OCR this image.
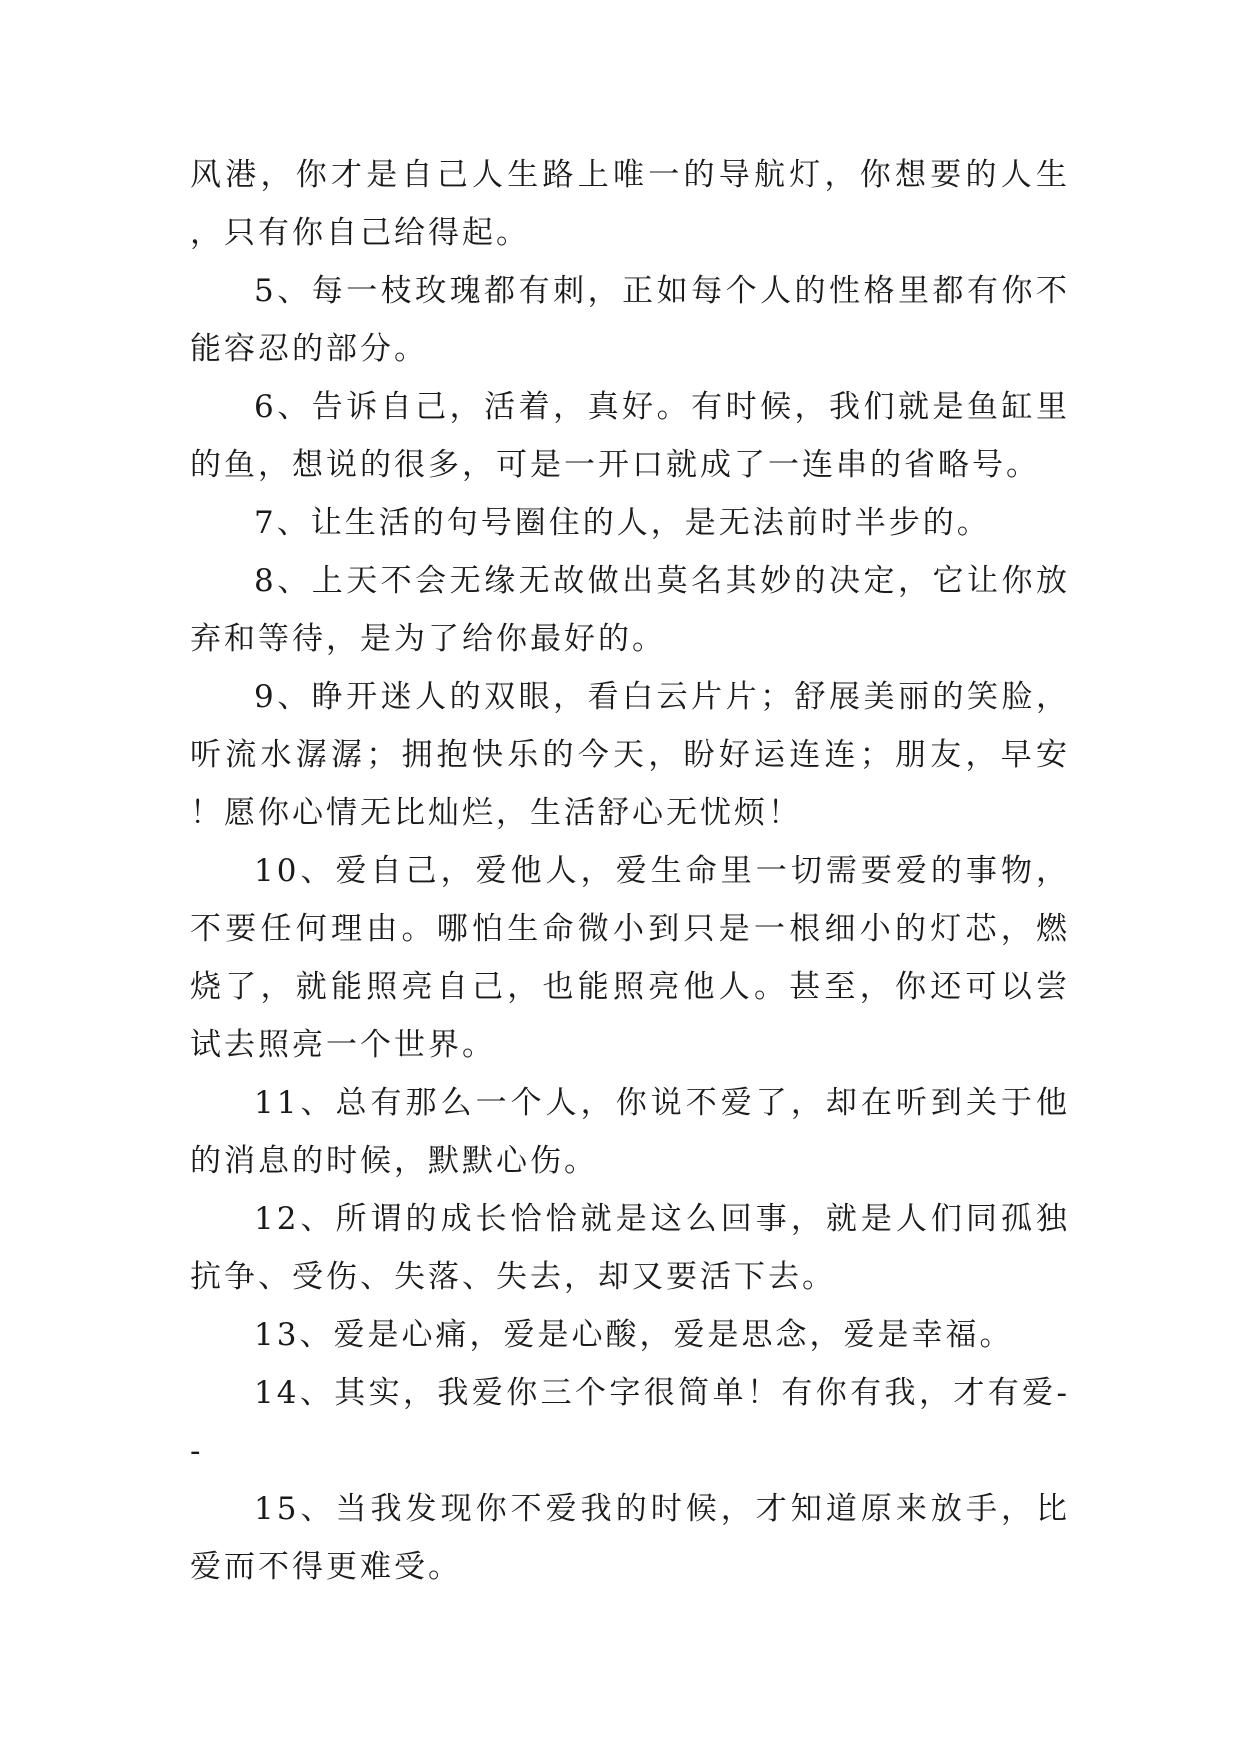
风港，你才是自己人生路上唯一的导航灯，你想要的人生，只有你自己给得起。

5、每一枝玫瑰都有刺，正如每个人的性格里都有你不能容忍的部分。

6、告诉自己，活着，真好。有时候，我们就是鱼缸里的鱼，想说的很多，可是一开口就成了一连串的省略号。

7、让生活的句号圈住的人，是无法前时半步的。

8、上天不会无缘无故做出莫名其妙的决定，它让你放弃和等待，是为了给你最好的。

9、睁开迷人的双眼，看白云片片；舒展美丽的笑脸，听流水潺潺；拥抱快乐的今天，盼好运连连；朋友，早安！愿你心情无比灿烂，生活舒心无忧烦！

10、爱自己，爱他人，爱生命里一切需要爱的事物，不要任何理由。哪怕生命微小到只是一根细小的灯芯，燃烧了，就能照亮自己，也能照亮他人。甚至，你还可以尝试去照亮一个世界。

11、总有那么一个人，你说不爱了，却在听到关于他的消息的时候，默默心伤。

12、所谓的成长恰恰就是这么回事，就是人们同孤独抗争、受伤、失落、失去，却又要活下去。

13、爱是心痛，爱是心酸，爱是思念，爱是幸福。

14、其实，我爱你三个字很简单！有你有我，才有爱--

15、当我发现你不爱我的时候，才知道原来放手，比爱而不得更难受。
